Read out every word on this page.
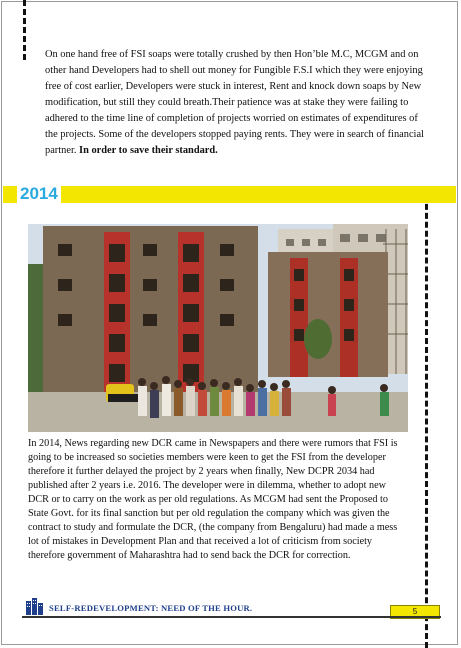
On one hand free of FSI soaps were totally crushed by then Hon’ble M.C, MCGM and on other hand Developers had to shell out money for Fungible F.S.I which they were enjoying free of cost earlier, Developers were stuck in interest, Rent and knock down soaps by New modification, but still they could breath.Their patience was at stake they were failing to adhered to the time line of completion of projects worried on estimates of expenditures of the projects. Some of the developers stopped paying rents. They were in search of financial partner. In order to save their standard.

2014

In 2014, News regarding new DCR came in Newspapers and there were rumors that FSI is going to be increased so societies members were keen to get the FSI from the developer therefore it further delayed the project by 2 years when finally, New DCPR 2034 had published after 2 years i.e. 2016. The developer were in dilemma, whether to adopt new DCR or to carry on the work as per old regulations. As MCGM had sent the Proposed to State Govt. for its final sanction but per old regulation the company which was given the contract to study and formulate the DCR, (the company from Bengaluru) had made a mess lot of mistakes in Development Plan and that received a lot of criticism from society therefore government of Maharashtra had to send back the DCR for correction.

SELF-REDEVELOPMENT: NEED OF THE HOUR.	5
